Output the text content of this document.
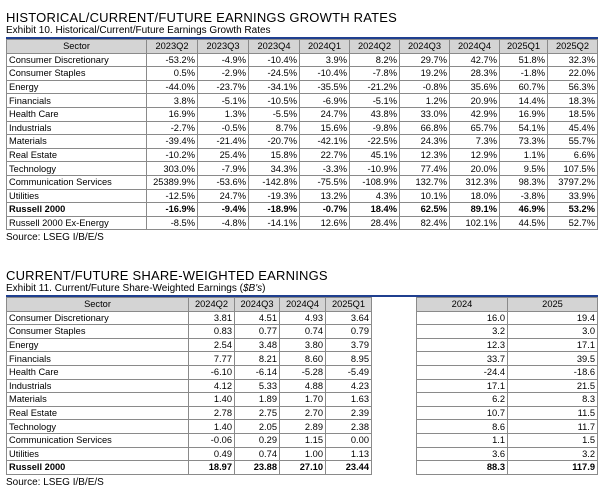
HISTORICAL/CURRENT/FUTURE EARNINGS GROWTH RATES
Exhibit 10. Historical/Current/Future Earnings Growth Rates
Sector	2023Q2	2023Q3	2023Q4	2024Q1	2024Q2	2024Q3	2024Q4	2025Q1	2025Q2
Consumer Discretionary	-53.2%	-4.9%	-10.4%	3.9%	8.2%	29.7%	42.7%	51.8%	32.3%
Consumer Staples	0.5%	-2.9%	-24.5%	-10.4%	-7.8%	19.2%	28.3%	-1.8%	22.0%
Energy	-44.0%	-23.7%	-34.1%	-35.5%	-21.2%	-0.8%	35.6%	60.7%	56.3%
Financials	3.8%	-5.1%	-10.5%	-6.9%	-5.1%	1.2%	20.9%	14.4%	18.3%
Health Care	16.9%	1.3%	-5.5%	24.7%	43.8%	33.0%	42.9%	16.9%	18.5%
Industrials	-2.7%	-0.5%	8.7%	15.6%	-9.8%	66.8%	65.7%	54.1%	45.4%
Materials	-39.4%	-21.4%	-20.7%	-42.1%	-22.5%	24.3%	7.3%	73.3%	55.7%
Real Estate	-10.2%	25.4%	15.8%	22.7%	45.1%	12.3%	12.9%	1.1%	6.6%
Technology	303.0%	-7.9%	34.3%	-3.3%	-10.9%	77.4%	20.0%	9.5%	107.5%
Communication Services	25389.9%	-53.6%	-142.8%	-75.5%	-108.9%	132.7%	312.3%	98.3%	3797.2%
Utilities	-12.5%	24.7%	-19.3%	13.2%	4.3%	10.1%	18.0%	-3.8%	33.9%
Russell 2000	-16.9%	-9.4%	-18.9%	-0.7%	18.4%	62.5%	89.1%	46.9%	53.2%
Russell 2000 Ex-Energy	-8.5%	-4.8%	-14.1%	12.6%	28.4%	82.4%	102.1%	44.5%	52.7%
Source: LSEG I/B/E/S
CURRENT/FUTURE SHARE-WEIGHTED EARNINGS
Exhibit 11. Current/Future Share-Weighted Earnings ($B's)
Sector	2024Q2	2024Q3	2024Q4	2025Q1		2024	2025
Consumer Discretionary	3.81	4.51	4.93	3.64		16.0	19.4
Consumer Staples	0.83	0.77	0.74	0.79		3.2	3.0
Energy	2.54	3.48	3.80	3.79		12.3	17.1
Financials	7.77	8.21	8.60	8.95		33.7	39.5
Health Care	-6.10	-6.14	-5.28	-5.49		-24.4	-18.6
Industrials	4.12	5.33	4.88	4.23		17.1	21.5
Materials	1.40	1.89	1.70	1.63		6.2	8.3
Real Estate	2.78	2.75	2.70	2.39		10.7	11.5
Technology	1.40	2.05	2.89	2.38		8.6	11.7
Communication Services	-0.06	0.29	1.15	0.00		1.1	1.5
Utilities	0.49	0.74	1.00	1.13		3.6	3.2
Russell 2000	18.97	23.88	27.10	23.44		88.3	117.9
Source: LSEG I/B/E/S
